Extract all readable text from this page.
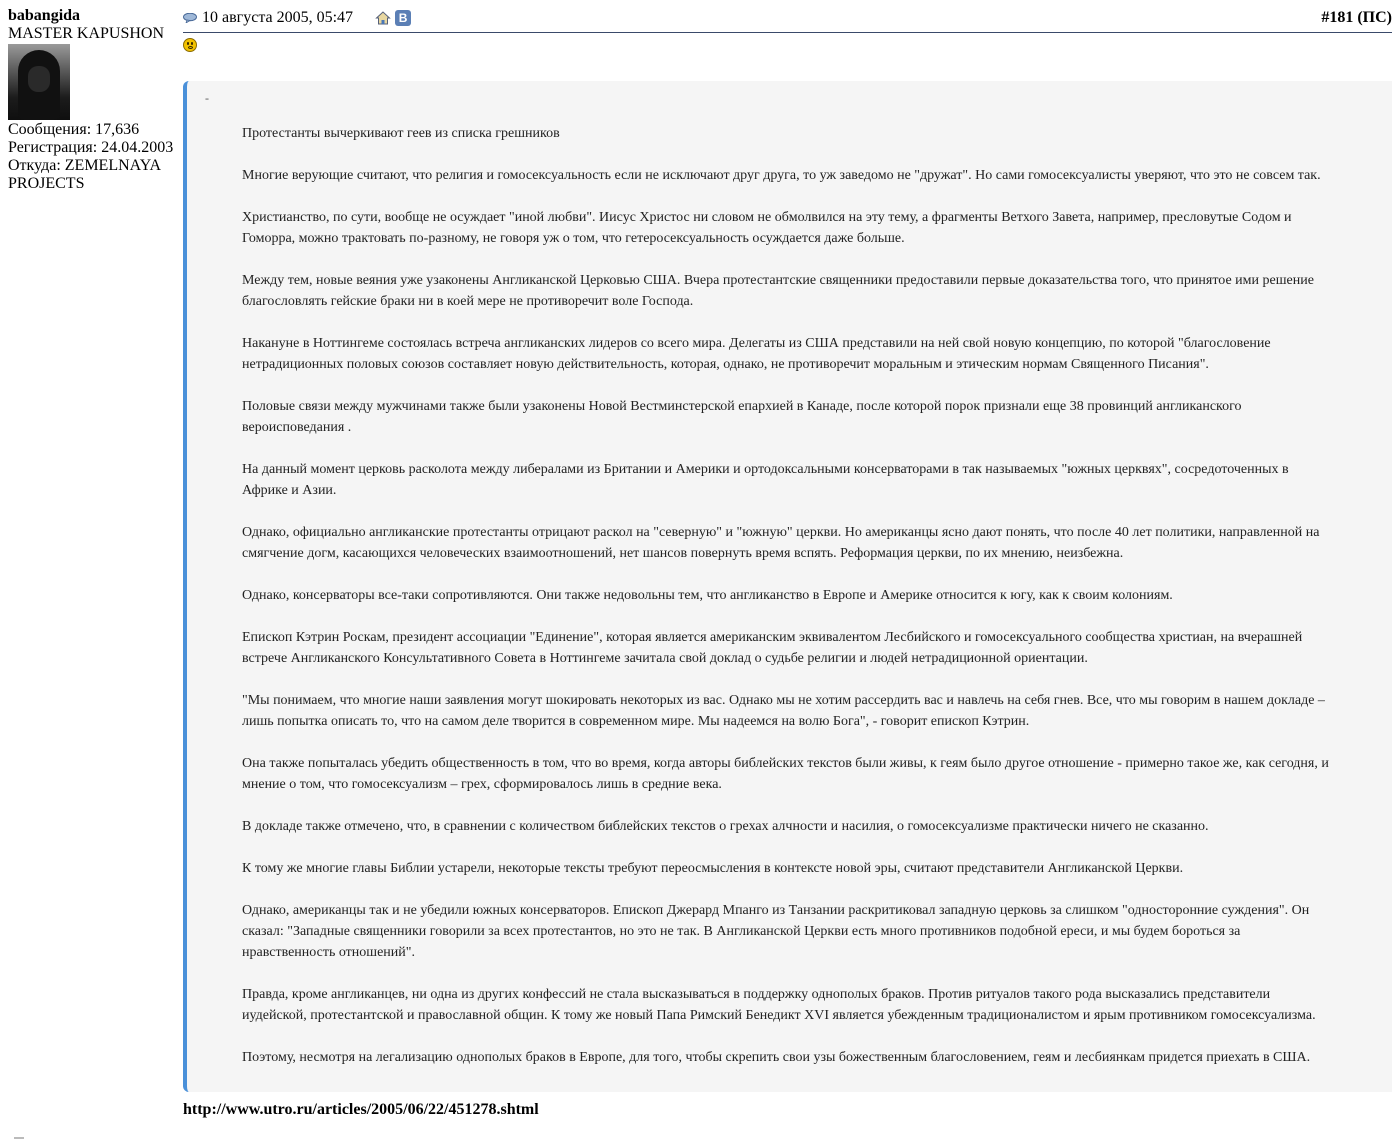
babangida
MASTER KAPUSHON
Сообщения: 17,636
Регистрация: 24.04.2003
Откуда: ZEMELNAYA
PROJECTS
10 августа 2005, 05:47	B	#181 (ПС)
-

Протестанты вычеркивают геев из списка грешников

Многие верующие считают, что религия и гомосексуальность если не исключают друг друга, то уж заведомо не "дружат". Но сами гомосексуалисты уверяют, что это не совсем так.

Христианство, по сути, вообще не осуждает "иной любви". Иисус Христос ни словом не обмолвился на эту тему, а фрагменты Ветхого Завета, например, пресловутые Содом и Гоморра, можно трактовать по-разному, не говоря уж о том, что гетеросексуальность осуждается даже больше.

Между тем, новые веяния уже узаконены Англиканской Церковью США. Вчера протестантские священники предоставили первые доказательства того, что принятое ими решение благословлять гейские браки ни в коей мере не противоречит воле Господа.

Накануне в Ноттингеме состоялась встреча англиканских лидеров со всего мира. Делегаты из США представили на ней свой новую концепцию, по которой "благословение нетрадиционных половых союзов составляет новую действительность, которая, однако, не противоречит моральным и этическим нормам Священного Писания".

Половые связи между мужчинами также были узаконены Новой Вестминстерской епархией в Канаде, после которой порок признали еще 38 провинций англиканского вероисповедания .

На данный момент церковь расколота между либералами из Британии и Америки и ортодоксальными консерваторами в так называемых "южных церквях", сосредоточенных в Африке и Азии.

Однако, официально англиканские протестанты отрицают раскол на "северную" и "южную" церкви. Но американцы ясно дают понять, что после 40 лет политики, направленной на смягчение догм, касающихся человеческих взаимоотношений, нет шансов повернуть время вспять. Реформация церкви, по их мнению, неизбежна.

Однако, консерваторы все-таки сопротивляются. Они также недовольны тем, что англиканство в Европе и Америке относится к югу, как к своим колониям.

Епископ Кэтрин Роскам, президент ассоциации "Единение", которая является американским эквивалентом Лесбийского и гомосексуального сообщества христиан, на вчерашней встрече Англиканского Консультативного Совета в Ноттингеме зачитала свой доклад о судьбе религии и людей нетрадиционной ориентации.

"Мы понимаем, что многие наши заявления могут шокировать некоторых из вас. Однако мы не хотим рассердить вас и навлечь на себя гнев. Все, что мы говорим в нашем докладе – лишь попытка описать то, что на самом деле творится в современном мире. Мы надеемся на волю Бога", - говорит епископ Кэтрин.

Она также попыталась убедить общественность в том, что во время, когда авторы библейских текстов были живы, к геям было другое отношение - примерно такое же, как сегодня, и мнение о том, что гомосексуализм – грех, сформировалось лишь в средние века.

В докладе также отмечено, что, в сравнении с количеством библейских текстов о грехах алчности и насилия, о гомосексуализме практически ничего не сказанно.

К тому же многие главы Библии устарели, некоторые тексты требуют переосмысления в контексте новой эры, считают представители Англиканской Церкви.

Однако, американцы так и не убедили южных консерваторов. Епископ Джерард Мпанго из Танзании раскритиковал западную церковь за слишком "односторонние суждения". Он сказал: "Западные священники говорили за всех протестантов, но это не так. В Англиканской Церкви есть много противников подобной ереси, и мы будем бороться за нравственность отношений".

Правда, кроме англиканцев, ни одна из других конфессий не стала высказываться в поддержку однополых браков. Против ритуалов такого рода высказались представители иудейской, протестантской и православной общин. К тому же новый Папа Римский Бенедикт XVI является убежденным традиционалистом и ярым противником гомосексуализма.

Поэтому, несмотря на легализацию однополых браков в Европе, для того, чтобы скрепить свои узы божественным благословением, геям и лесбиянкам придется приехать в США.

http://www.utro.ru/articles/2005/06/22/451278.shtml
